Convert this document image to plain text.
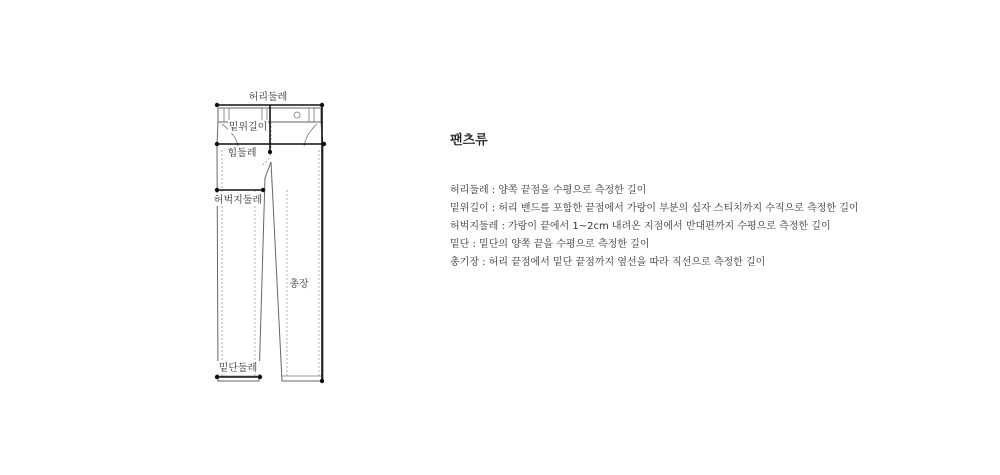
허리둘레
밑위길이
힙둘레
허벅지둘레
총장
밑단둘레
팬츠류
허리둘레 : 양쪽 끝점을 수평으로 측정한 길이
밑위길이 : 허리 밴드를 포함한 끝점에서 가랑이 부분의 십자 스티치까지 수직으로 측정한 길이
허벅지둘레 : 가랑이 끝에서 1~2cm 내려온 지점에서 반대편까지 수평으로 측정한 길이
밑단 : 밑단의 양쪽 끝을 수평으로 측정한 길이
총기장 : 허리 끝점에서 밑단 끝점까지 옆선을 따라 직선으로 측정한 길이
